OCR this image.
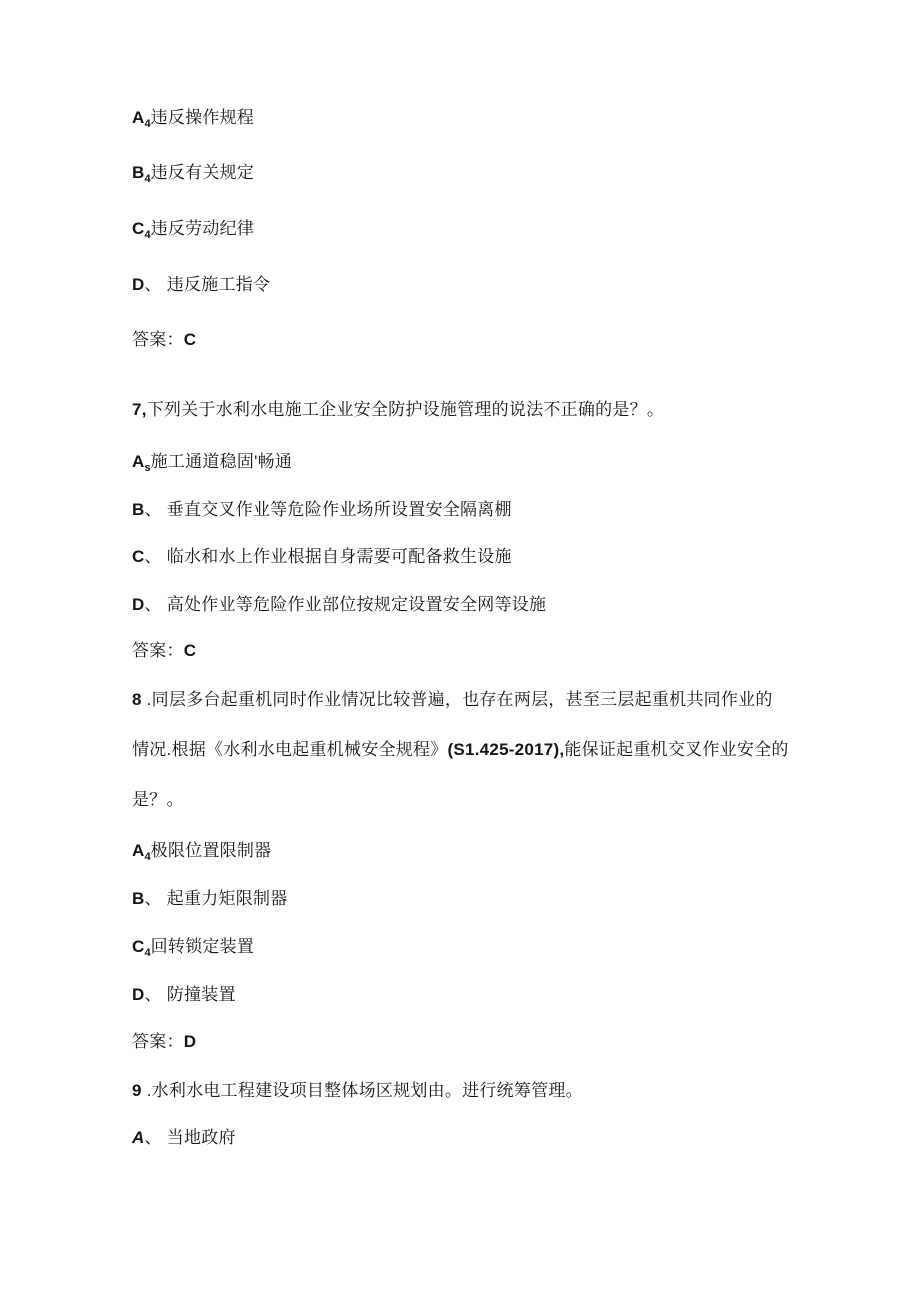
$A_4$违反操作规程
$B_4$违反有关规定
$C_4$违反劳动纪律
D、 违反施工指令
答案：C
7,下列关于水利水电施工企业安全防护设施管理的说法不正确的是？。
$A_s$施工通道稳固'畅通
B、 垂直交叉作业等危险作业场所设置安全隔离棚
C、 临水和水上作业根据自身需要可配备救生设施
D、 高处作业等危险作业部位按规定设置安全网等设施
答案：C
8 .同层多台起重机同时作业情况比较普遍，也存在两层，甚至三层起重机共同作业的
情况.根据《水利水电起重机械安全规程》(S1.425-2017),能保证起重机交叉作业安全的
是？。
$A_4$极限位置限制器
B、 起重力矩限制器
$C_4$回转锁定装置
D、 防撞装置
答案：D
9 .水利水电工程建设项目整体场区规划由。进行统筹管理。
A、 当地政府
